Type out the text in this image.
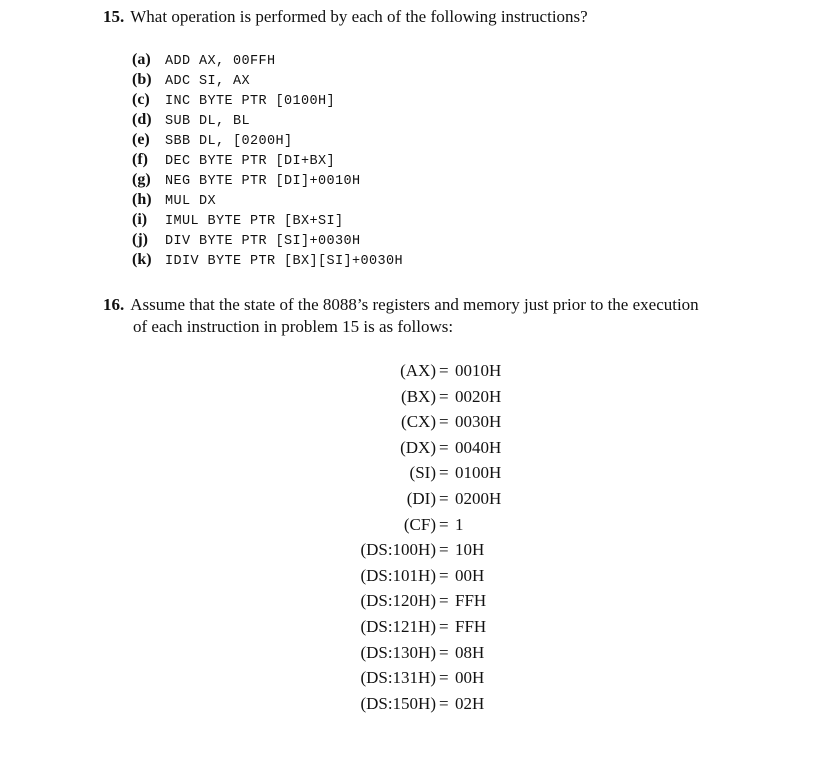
15. What operation is performed by each of the following instructions?
(a) ADD AX, 00FFH
(b) ADC SI, AX
(c) INC BYTE PTR [0100H]
(d) SUB DL, BL
(e) SBB DL, [0200H]
(f) DEC BYTE PTR [DI+BX]
(g) NEG BYTE PTR [DI]+0010H
(h) MUL DX
(i) IMUL BYTE PTR [BX+SI]
(j) DIV BYTE PTR [SI]+0030H
(k) IDIV BYTE PTR [BX][SI]+0030H
16. Assume that the state of the 8088’s registers and memory just prior to the execution
of each instruction in problem 15 is as follows:
(AX) = 0010H
(BX) = 0020H
(CX) = 0030H
(DX) = 0040H
(SI) = 0100H
(DI) = 0200H
(CF) = 1
(DS:100H) = 10H
(DS:101H) = 00H
(DS:120H) = FFH
(DS:121H) = FFH
(DS:130H) = 08H
(DS:131H) = 00H
(DS:150H) = 02H
